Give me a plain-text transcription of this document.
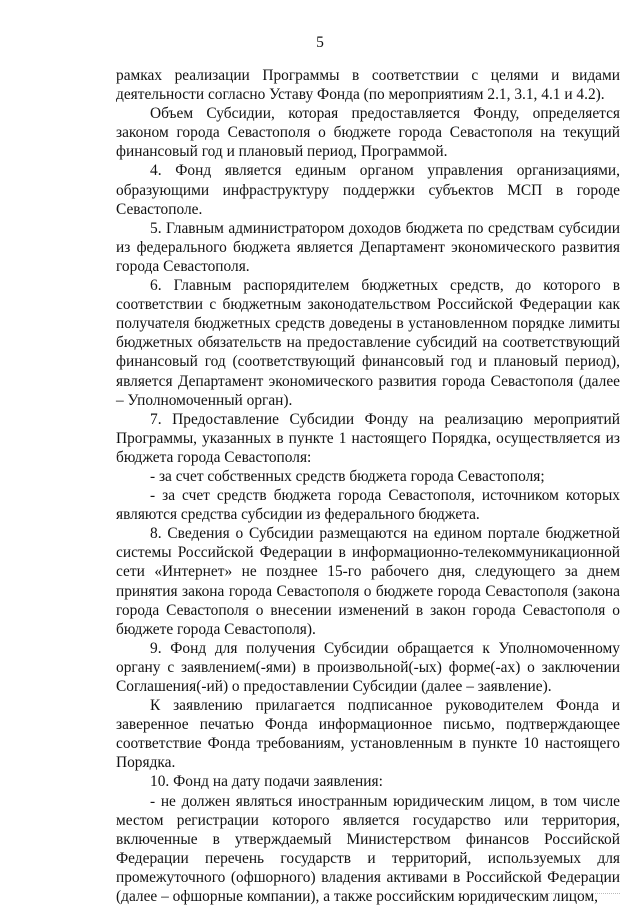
5

рамках реализации Программы в соответствии с целями и видами деятельности согласно Уставу Фонда (по мероприятиям 2.1, 3.1, 4.1 и 4.2).

Объем Субсидии, которая предоставляется Фонду, определяется законом города Севастополя о бюджете города Севастополя на текущий финансовый год и плановый период, Программой.

4. Фонд является единым органом управления организациями, образующими инфраструктуру поддержки субъектов МСП в городе Севастополе.

5. Главным администратором доходов бюджета по средствам субсидии из федерального бюджета является Департамент экономического развития города Севастополя.

6. Главным распорядителем бюджетных средств, до которого в соответствии с бюджетным законодательством Российской Федерации как получателя бюджетных средств доведены в установленном порядке лимиты бюджетных обязательств на предоставление субсидий на соответствующий финансовый год (соответствующий финансовый год и плановый период), является Департамент экономического развития города Севастополя (далее – Уполномоченный орган).

7. Предоставление Субсидии Фонду на реализацию мероприятий Программы, указанных в пункте 1 настоящего Порядка, осуществляется из бюджета города Севастополя:

- за счет собственных средств бюджета города Севастополя;

- за счет средств бюджета города Севастополя, источником которых являются средства субсидии из федерального бюджета.

8. Сведения о Субсидии размещаются на едином портале бюджетной системы Российской Федерации в информационно-телекоммуникационной сети «Интернет» не позднее 15-го рабочего дня, следующего за днем принятия закона города Севастополя о бюджете города Севастополя (закона города Севастополя о внесении изменений в закон города Севастополя о бюджете города Севастополя).

9. Фонд для получения Субсидии обращается к Уполномоченному органу с заявлением(-ями) в произвольной(-ых) форме(-ах) о заключении Соглашения(-ий) о предоставлении Субсидии (далее – заявление).

К заявлению прилагается подписанное руководителем Фонда и заверенное печатью Фонда информационное письмо, подтверждающее соответствие Фонда требованиям, установленным в пункте 10 настоящего Порядка.

10. Фонд на дату подачи заявления:

- не должен являться иностранным юридическим лицом, в том числе местом регистрации которого является государство или территория, включенные в утверждаемый Министерством финансов Российской Федерации перечень государств и территорий, используемых для промежуточного (офшорного) владения активами в Российской Федерации (далее – офшорные компании), а также российским юридическим лицом,
